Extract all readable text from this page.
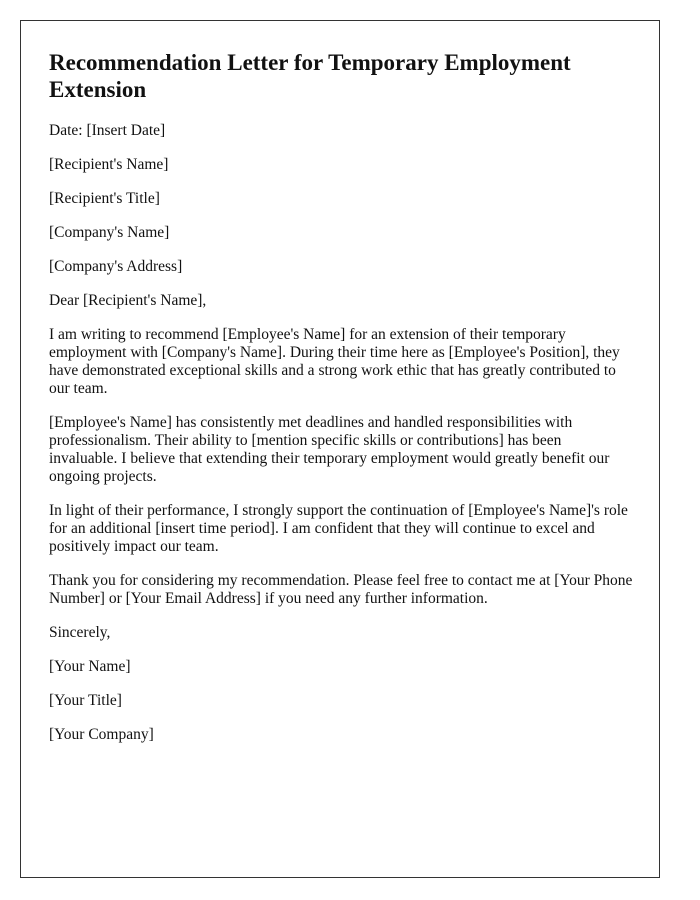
Recommendation Letter for Temporary Employment Extension

Date: [Insert Date]

[Recipient's Name]

[Recipient's Title]

[Company's Name]

[Company's Address]

Dear [Recipient's Name],

I am writing to recommend [Employee's Name] for an extension of their temporary employment with [Company's Name]. During their time here as [Employee's Position], they have demonstrated exceptional skills and a strong work ethic that has greatly contributed to our team.

[Employee's Name] has consistently met deadlines and handled responsibilities with professionalism. Their ability to [mention specific skills or contributions] has been invaluable. I believe that extending their temporary employment would greatly benefit our ongoing projects.

In light of their performance, I strongly support the continuation of [Employee's Name]'s role for an additional [insert time period]. I am confident that they will continue to excel and positively impact our team.

Thank you for considering my recommendation. Please feel free to contact me at [Your Phone Number] or [Your Email Address] if you need any further information.

Sincerely,

[Your Name]

[Your Title]

[Your Company]
